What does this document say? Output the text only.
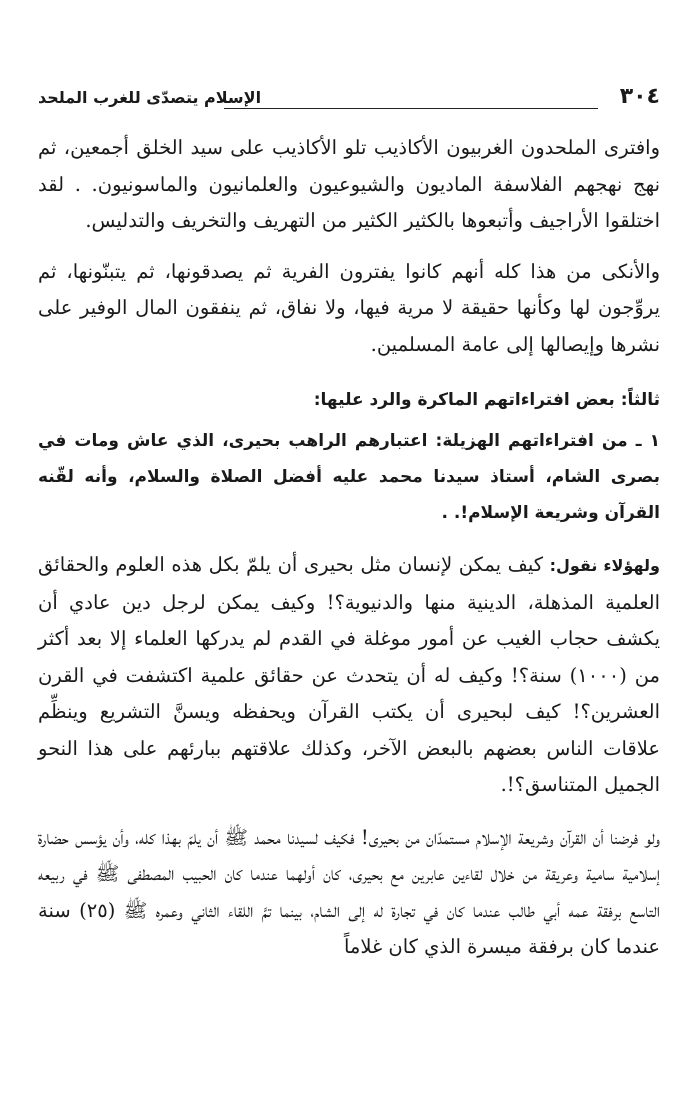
٣٠٤
الإسلام يتصدّى للغرب الملحد

وافترى الملحدون الغربيون الأكاذيب تلو الأكاذيب على سيد الخلق أجمعين، ثم نهج نهجهم الفلاسفة الماديون والشيوعيون والعلمانيون والماسونيون. . لقد اختلقوا الأراجيف وأتبعوها بالكثير الكثير من التهريف والتخريف والتدليس.

والأنكى من هذا كله أنهم كانوا يفترون الفرية ثم يصدقونها، ثم يتبنّونها، ثم يروِّجون لها وكأنها حقيقة لا مرية فيها، ولا نفاق، ثم ينفقون المال الوفير على نشرها وإيصالها إلى عامة المسلمين.

ثالثاً: بعض افتراءاتهم الماكرة والرد عليها:

١ ـ من افتراءاتهم الهزيلة: اعتبارهم الراهب بحيرى، الذي عاش ومات في بصرى الشام، أستاذ سيدنا محمد عليه أفضل الصلاة والسلام، وأنه لقّنه القرآن وشريعة الإسلام!. .

ولهؤلاء نقول: كيف يمكن لإنسان مثل بحيرى أن يلمّ بكل هذه العلوم والحقائق العلمية المذهلة، الدينية منها والدنيوية؟! وكيف يمكن لرجل دين عادي أن يكشف حجاب الغيب عن أمور موغلة في القدم لم يدركها العلماء إلا بعد أكثر من (١٠٠٠) سنة؟! وكيف له أن يتحدث عن حقائق علمية اكتشفت في القرن العشرين؟! كيف لبحيرى أن يكتب القرآن ويحفظه ويسنَّ التشريع وينظِّم علاقات الناس بعضهم بالبعض الآخر، وكذلك علاقتهم ببارئهم على هذا النحو الجميل المتناسق؟!.

ولو فرضنا أن القرآن وشريعة الإسلام مستمدّان من بحيرى! فكيف لسيدنا محمد ﷺ أن يلمّ بهذا كله، وأن يؤسس حضارة إسلامية سامية وعريقة من خلال لقاءين عابرين مع بحيرى، كان أولهما عندما كان الحبيب المصطفى ﷺ في ربيعه التاسع برفقة عمه أبي طالب عندما كان في تجارة له إلى الشام، بينما تمَّ اللقاء الثاني وعمره ﷺ (٢٥) سنة عندما كان برفقة ميسرة الذي كان غلاماً
